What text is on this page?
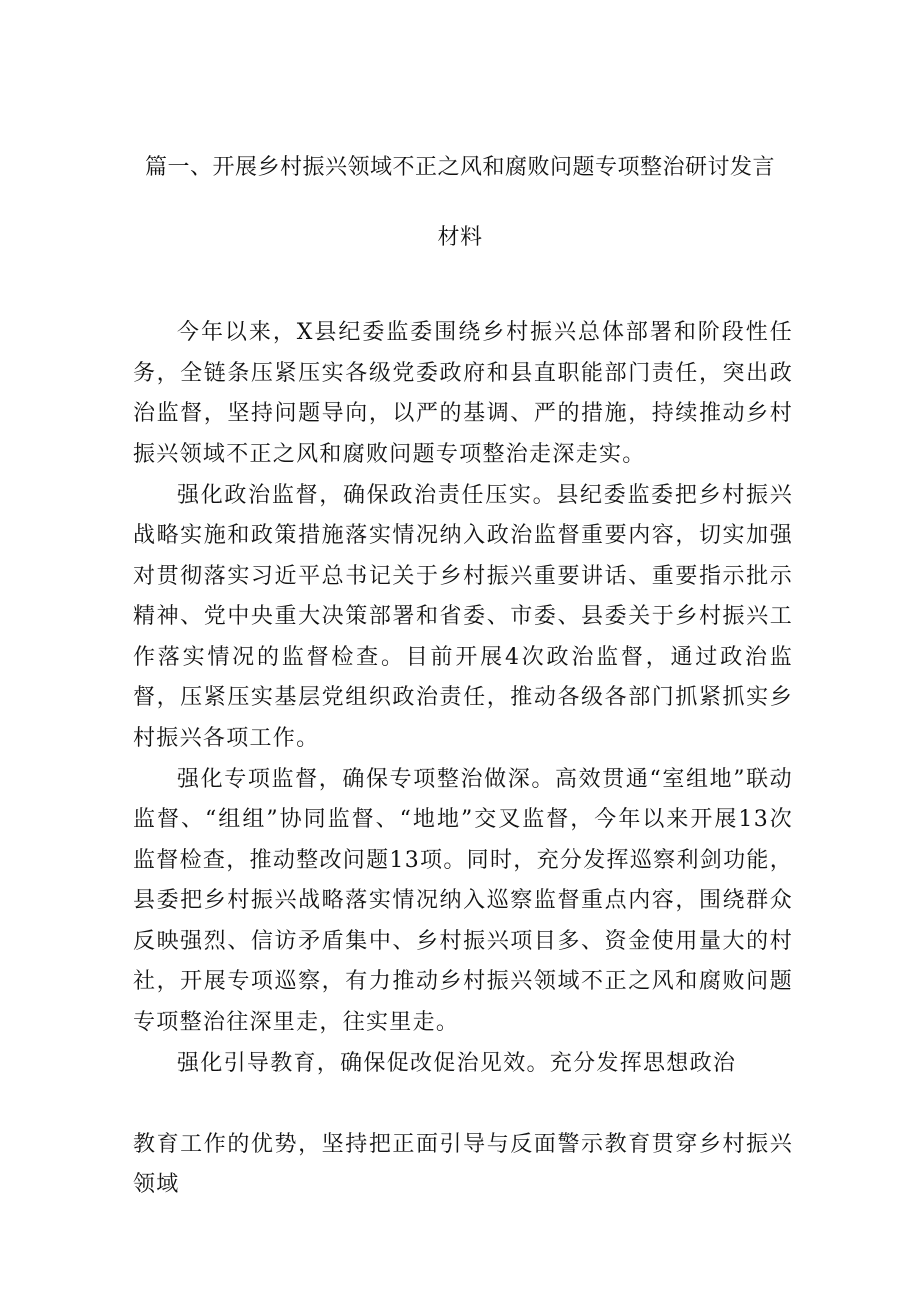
篇一、开展乡村振兴领域不正之风和腐败问题专项整治研讨发言
材料

今年以来，X县纪委监委围绕乡村振兴总体部署和阶段性任务，全链条压紧压实各级党委政府和县直职能部门责任，突出政治监督，坚持问题导向，以严的基调、严的措施，持续推动乡村振兴领域不正之风和腐败问题专项整治走深走实。

强化政治监督，确保政治责任压实。县纪委监委把乡村振兴战略实施和政策措施落实情况纳入政治监督重要内容，切实加强对贯彻落实习近平总书记关于乡村振兴重要讲话、重要指示批示精神、党中央重大决策部署和省委、市委、县委关于乡村振兴工作落实情况的监督检查。目前开展4次政治监督，通过政治监督，压紧压实基层党组织政治责任，推动各级各部门抓紧抓实乡村振兴各项工作。

强化专项监督，确保专项整治做深。高效贯通“室组地”联动监督、“组组”协同监督、“地地”交叉监督，今年以来开展13次监督检查，推动整改问题13项。同时，充分发挥巡察利剑功能，县委把乡村振兴战略落实情况纳入巡察监督重点内容，围绕群众反映强烈、信访矛盾集中、乡村振兴项目多、资金使用量大的村社，开展专项巡察，有力推动乡村振兴领域不正之风和腐败问题专项整治往深里走，往实里走。

强化引导教育，确保促改促治见效。充分发挥思想政治

教育工作的优势，坚持把正面引导与反面警示教育贯穿乡村振兴领域
